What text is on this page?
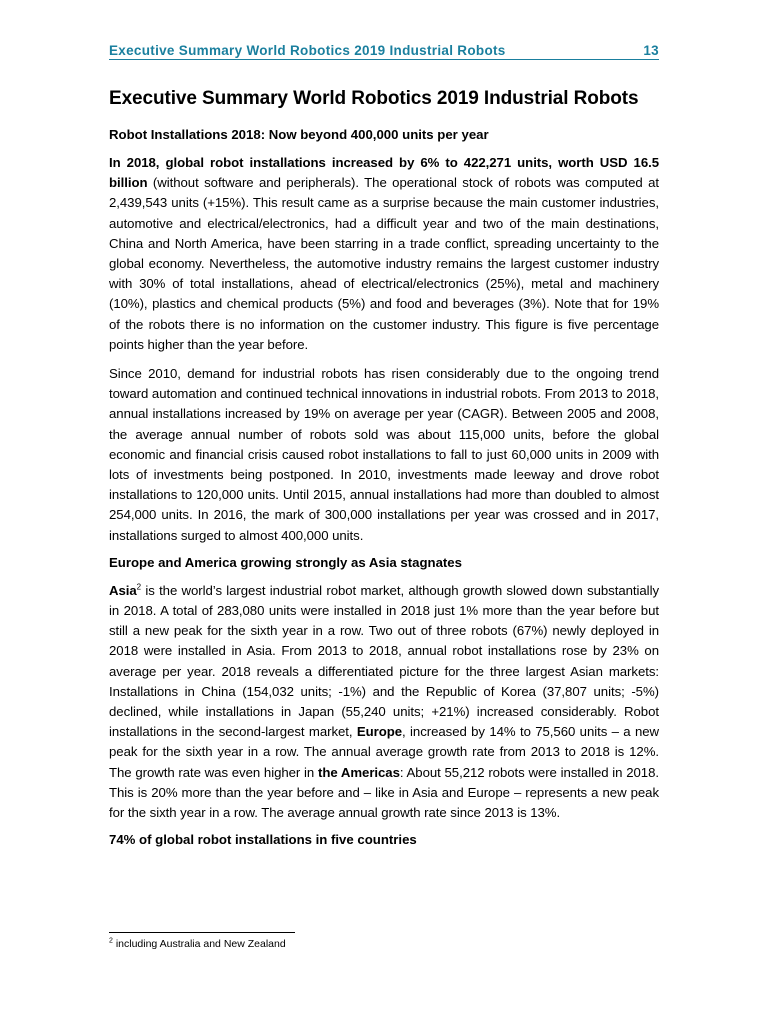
Executive Summary World Robotics 2019 Industrial Robots	13
Executive Summary World Robotics 2019 Industrial Robots
Robot Installations 2018: Now beyond 400,000 units per year

In 2018, global robot installations increased by 6% to 422,271 units, worth USD 16.5 billion (without software and peripherals). The operational stock of robots was computed at 2,439,543 units (+15%). This result came as a surprise because the main customer industries, automotive and electrical/electronics, had a difficult year and two of the main destinations, China and North America, have been starring in a trade conflict, spreading uncertainty to the global economy. Nevertheless, the automotive industry remains the largest customer industry with 30% of total installations, ahead of electrical/electronics (25%), metal and machinery (10%), plastics and chemical products (5%) and food and beverages (3%). Note that for 19% of the robots there is no information on the customer industry. This figure is five percentage points higher than the year before.

Since 2010, demand for industrial robots has risen considerably due to the ongoing trend toward automation and continued technical innovations in industrial robots. From 2013 to 2018, annual installations increased by 19% on average per year (CAGR). Between 2005 and 2008, the average annual number of robots sold was about 115,000 units, before the global economic and financial crisis caused robot installations to fall to just 60,000 units in 2009 with lots of investments being postponed. In 2010, investments made leeway and drove robot installations to 120,000 units. Until 2015, annual installations had more than doubled to almost 254,000 units. In 2016, the mark of 300,000 installations per year was crossed and in 2017, installations surged to almost 400,000 units.

Europe and America growing strongly as Asia stagnates

Asia$^2$ is the world’s largest industrial robot market, although growth slowed down substantially in 2018. A total of 283,080 units were installed in 2018 just 1% more than the year before but still a new peak for the sixth year in a row. Two out of three robots (67%) newly deployed in 2018 were installed in Asia. From 2013 to 2018, annual robot installations rose by 23% on average per year. 2018 reveals a differentiated picture for the three largest Asian markets: Installations in China (154,032 units; -1%) and the Republic of Korea (37,807 units; -5%) declined, while installations in Japan (55,240 units; +21%) increased considerably. Robot installations in the second-largest market, Europe, increased by 14% to 75,560 units – a new peak for the sixth year in a row. The annual average growth rate from 2013 to 2018 is 12%. The growth rate was even higher in the Americas: About 55,212 robots were installed in 2018. This is 20% more than the year before and – like in Asia and Europe – represents a new peak for the sixth year in a row. The average annual growth rate since 2013 is 13%.

74% of global robot installations in five countries
$^2$ including Australia and New Zealand
